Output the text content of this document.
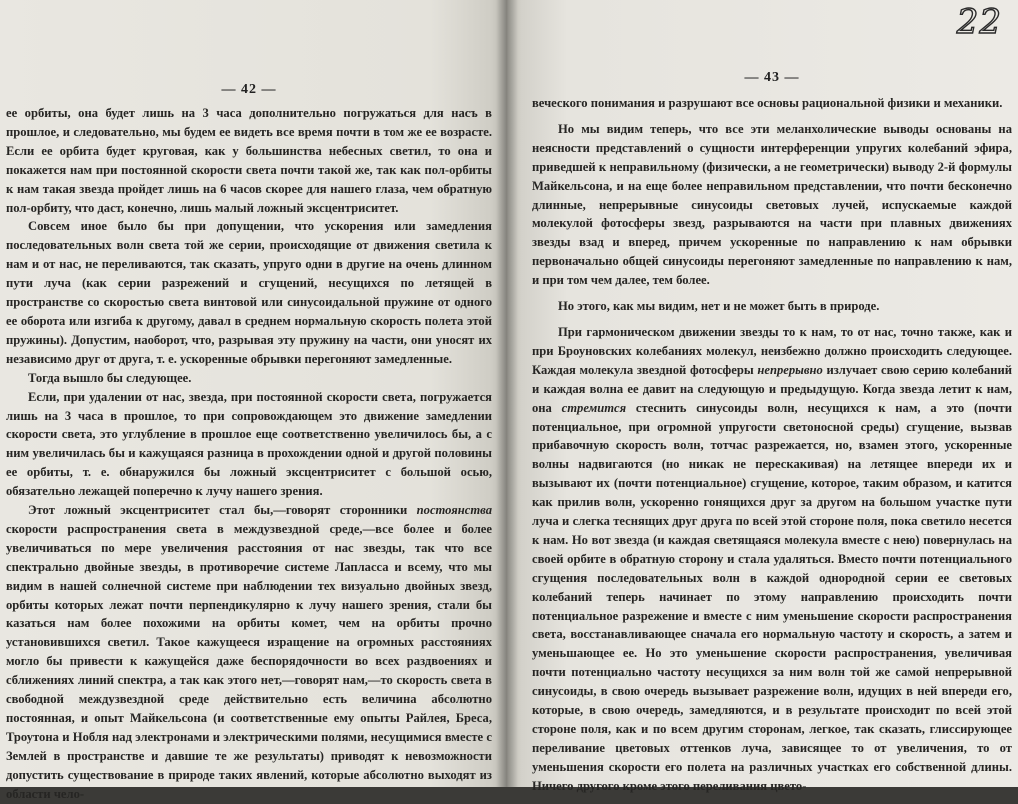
— 42 —

ее орбиты, она будет лишь на 3 часа дополнительно погружаться для насъ в прошлое, и следовательно, мы будем ее видеть все время почти в том же ее возрасте. Если ее орбита будет круговая, как у большинства небесных светил, то она и покажется нам при постоянной скорости света почти такой же, так как пол-орбиты к нам такая звезда пройдет лишь на 6 часов скорее для нашего глаза, чем обратную пол-орбиту, что даст, конечно, лишь малый ложный эксцентриситет.

Совсем иное было бы при допущении, что ускорения или замедления последовательных волн света той же серии, происходящие от движения светила к нам и от нас, не переливаются, так сказать, упруго одни в другие на очень длинном пути луча (как серии разрежений и сгущений, несущихся по летящей в пространстве со скоростью света винтовой или синусоидальной пружине от одного ее оборота или изгиба к другому, давал в среднем нормальную скорость полета этой пружины). Допустим, наоборот, что, разрывая эту пружину на части, они уносят их независимо друг от друга, т. е. ускоренные обрывки перегоняют замедленные.

Тогда вышло бы следующее.

Если, при удалении от нас, звезда, при постоянной скорости света, погружается лишь на 3 часа в прошлое, то при сопровождающем это движение замедлении скорости света, это углубление в прошлое еще соответственно увеличилось бы, а с ним увеличилась бы и кажущаяся разница в прохождении одной и другой половины ее орбиты, т. е. обнаружился бы ложный эксцентриситет с большой осью, обязательно лежащей поперечно к лучу нашего зрения.

Этот ложный эксцентриситет стал бы,—говорят сторонники постоянства скорости распространения света в междузвездной среде,—все более и более увеличиваться по мере увеличения расстояния от нас звезды, так что все спектрально двойные звезды, в противоречие системе Лапласса и всему, что мы видим в нашей солнечной системе при наблюдении тех визуально двойных звезд, орбиты которых лежат почти перпендикулярно к лучу нашего зрения, стали бы казаться нам более похожими на орбиты комет, чем на орбиты прочно установившихся светил. Такое кажущееся изращение на огромных расстояниях могло бы привести к кажущейся даже беспорядочности во всех раздвоениях и сближениях линий спектра, а так как этого нет,—говорят нам,—то скорость света в свободной междузвездной среде действительно есть величина абсолютно постоянная, и опыт Майкельсона (и соответственные ему опыты Райлея, Бреса, Троутона и Нобля над электронами и электрическими полями, несущимися вместе с Землей в пространстве и давшие те же результаты) приводят к невозможности допустить существование в природе таких явлений, которые абсолютно выходят из области чело-

— 43 —

веческого понимания и разрушают все основы рациональной физики и механики.

Но мы видим теперь, что все эти меланхолические выводы основаны на неясности представлений о сущности интерференции упругих колебаний эфира, приведшей к неправильному (физически, а не геометрически) выводу 2-й формулы Майкельсона, и на еще более неправильном представлении, что почти бесконечно длинные, непрерывные синусоиды световых лучей, испускаемые каждой молекулой фотосферы звезд, разрываются на части при плавных движениях звезды взад и вперед, причем ускоренные по направлению к нам обрывки первоначально общей синусоиды перегоняют замедленные по направлению к нам, и при том чем далее, тем более.

Но этого, как мы видим, нет и не может быть в природе.

При гармоническом движении звезды то к нам, то от нас, точно также, как и при Броуновских колебаниях молекул, неизбежно должно происходить следующее. Каждая молекула звездной фотосферы непрерывно излучает свою серию колебаний и каждая волна ее давит на следующую и предыдущую. Когда звезда летит к нам, она стремится стеснить синусоиды волн, несущихся к нам, а это (почти потенциальное, при огромной упругости светоносной среды) сгущение, вызвав прибавочную скорость волн, тотчас разрежается, но, взамен этого, ускоренные волны надвигаются (но никак не перескакивая) на летящее впереди их и вызывают их (почти потенциальное) сгущение, которое, таким образом, и катится как прилив волн, ускоренно гонящихся друг за другом на большом участке пути луча и слегка теснящих друг друга по всей этой стороне поля, пока светило несется к нам. Но вот звезда (и каждая светящаяся молекула вместе с нею) повернулась на своей орбите в обратную сторону и стала удаляться. Вместо почти потенциального сгущения последовательных волн в каждой однородной серии ее световых колебаний теперь начинает по этому направлению происходить почти потенциальное разрежение и вместе с ним уменьшение скорости распространения света, восстанавливающее сначала его нормальную частоту и скорость, а затем и уменьшающее ее. Но это уменьшение скорости распространения, увеличивая почти потенциально частоту несущихся за ним волн той же самой непрерывной синусоиды, в свою очередь вызывает разрежение волн, идущих в ней впереди его, которые, в свою очередь, замедляются, и в результате происходит по всей этой стороне поля, как и по всем другим сторонам, легкое, так сказать, глиссирующее переливание цветовых оттенков луча, зависящее то от увеличения, то от уменьшения скорости его полета на различных участках его собственной длины. Ничего другого кроме этого переливания цвето-

22
